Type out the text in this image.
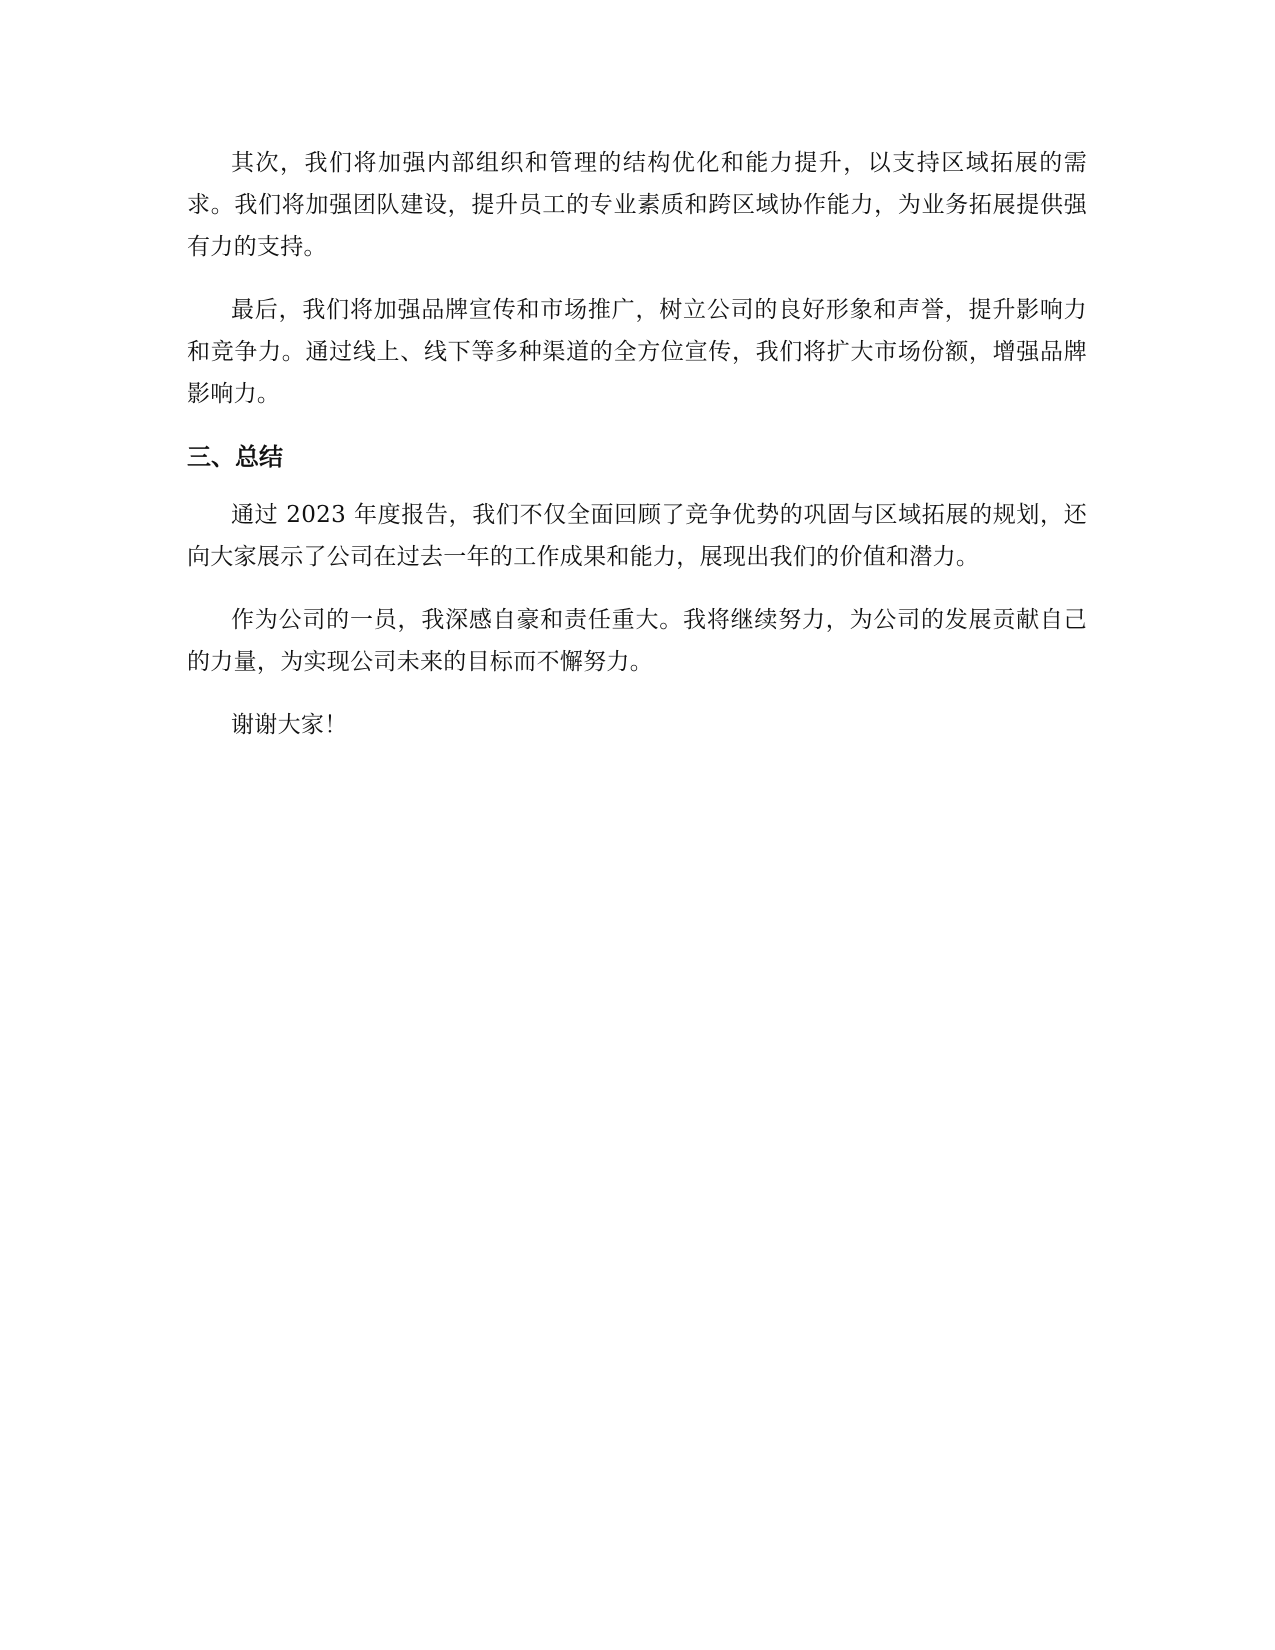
其次，我们将加强内部组织和管理的结构优化和能力提升，以支持区域拓展的需求。我们将加强团队建设，提升员工的专业素质和跨区域协作能力，为业务拓展提供强有力的支持。

最后，我们将加强品牌宣传和市场推广，树立公司的良好形象和声誉，提升影响力和竞争力。通过线上、线下等多种渠道的全方位宣传，我们将扩大市场份额，增强品牌影响力。

三、总结

通过 2023 年度报告，我们不仅全面回顾了竞争优势的巩固与区域拓展的规划，还向大家展示了公司在过去一年的工作成果和能力，展现出我们的价值和潜力。

作为公司的一员，我深感自豪和责任重大。我将继续努力，为公司的发展贡献自己的力量，为实现公司未来的目标而不懈努力。

谢谢大家！
